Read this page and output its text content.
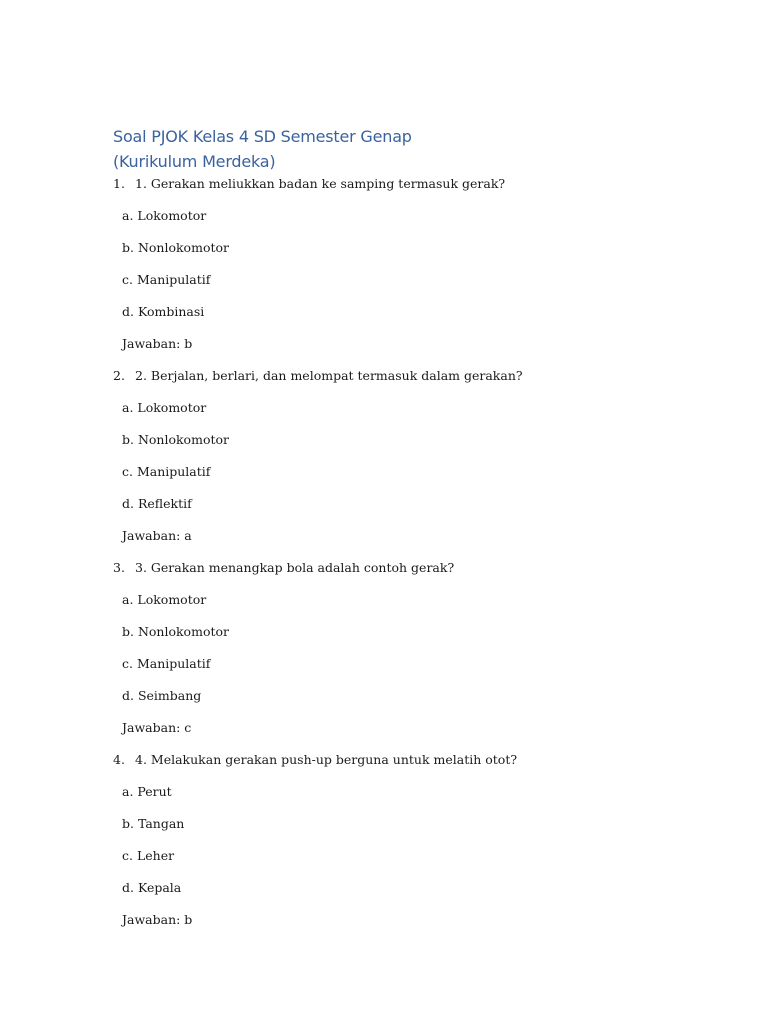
Soal PJOK Kelas 4 SD Semester Genap
(Kurikulum Merdeka)
1. 1. Gerakan meliukkan badan ke samping termasuk gerak?
a. Lokomotor
b. Nonlokomotor
c. Manipulatif
d. Kombinasi
Jawaban: b
2. 2. Berjalan, berlari, dan melompat termasuk dalam gerakan?
a. Lokomotor
b. Nonlokomotor
c. Manipulatif
d. Reflektif
Jawaban: a
3. 3. Gerakan menangkap bola adalah contoh gerak?
a. Lokomotor
b. Nonlokomotor
c. Manipulatif
d. Seimbang
Jawaban: c
4. 4. Melakukan gerakan push-up berguna untuk melatih otot?
a. Perut
b. Tangan
c. Leher
d. Kepala
Jawaban: b
